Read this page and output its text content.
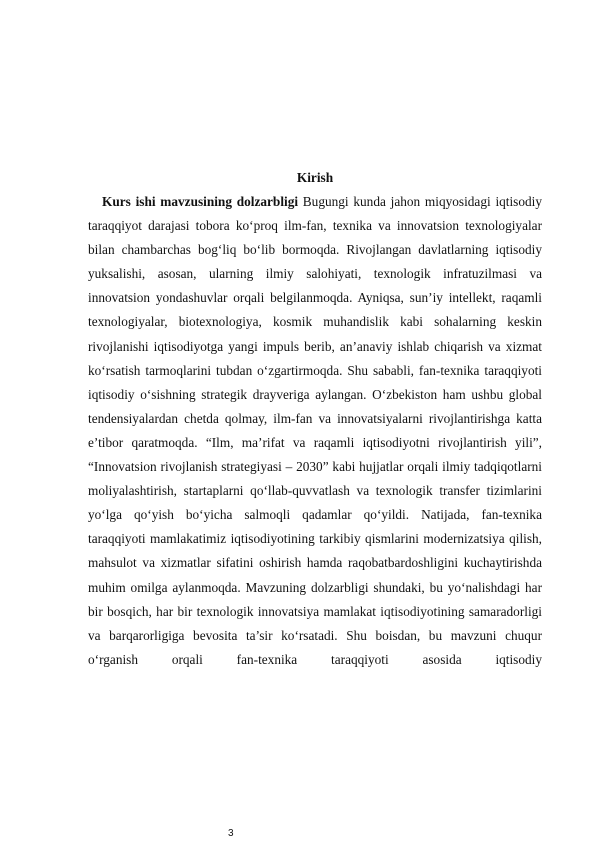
Kirish

Kurs ishi mavzusining dolzarbligi Bugungi kunda jahon miqyosidagi iqtisodiy taraqqiyot darajasi tobora ko‘proq ilm-fan, texnika va innovatsion texnologiyalar bilan chambarchas bog‘liq bo‘lib bormoqda. Rivojlangan davlatlarning iqtisodiy yuksalishi, asosan, ularning ilmiy salohiyati, texnologik infratuzilmasi va innovatsion yondashuvlar orqali belgilanmoqda. Ayniqsa, sun’iy intellekt, raqamli texnologiyalar, biotexnologiya, kosmik muhandislik kabi sohalarning keskin rivojlanishi iqtisodiyotga yangi impuls berib, an’anaviy ishlab chiqarish va xizmat ko‘rsatish tarmoqlarini tubdan o‘zgartirmoqda. Shu sababli, fan-texnika taraqqiyoti iqtisodiy o‘sishning strategik drayveriga aylangan. O‘zbekiston ham ushbu global tendensiyalardan chetda qolmay, ilm-fan va innovatsiyalarni rivojlantirishga katta e’tibor qaratmoqda. “Ilm, ma’rifat va raqamli iqtisodiyotni rivojlantirish yili”, “Innovatsion rivojlanish strategiyasi – 2030” kabi hujjatlar orqali ilmiy tadqiqotlarni moliyalashtirish, startaplarni qo‘llab-quvvatlash va texnologik transfer tizimlarini yo‘lga qo‘yish bo‘yicha salmoqli qadamlar qo‘yildi. Natijada, fan-texnika taraqqiyoti mamlakatimiz iqtisodiyotining tarkibiy qismlarini modernizatsiya qilish, mahsulot va xizmatlar sifatini oshirish hamda raqobatbardoshligini kuchaytirishda muhim omilga aylanmoqda. Mavzuning dolzarbligi shundaki, bu yo‘nalishdagi har bir bosqich, har bir texnologik innovatsiya mamlakat iqtisodiyotining samaradorligi va barqarorligiga bevosita ta’sir ko‘rsatadi. Shu boisdan, bu mavzuni chuqur o‘rganish orqali fan-texnika taraqqiyoti asosida iqtisodiy

3
